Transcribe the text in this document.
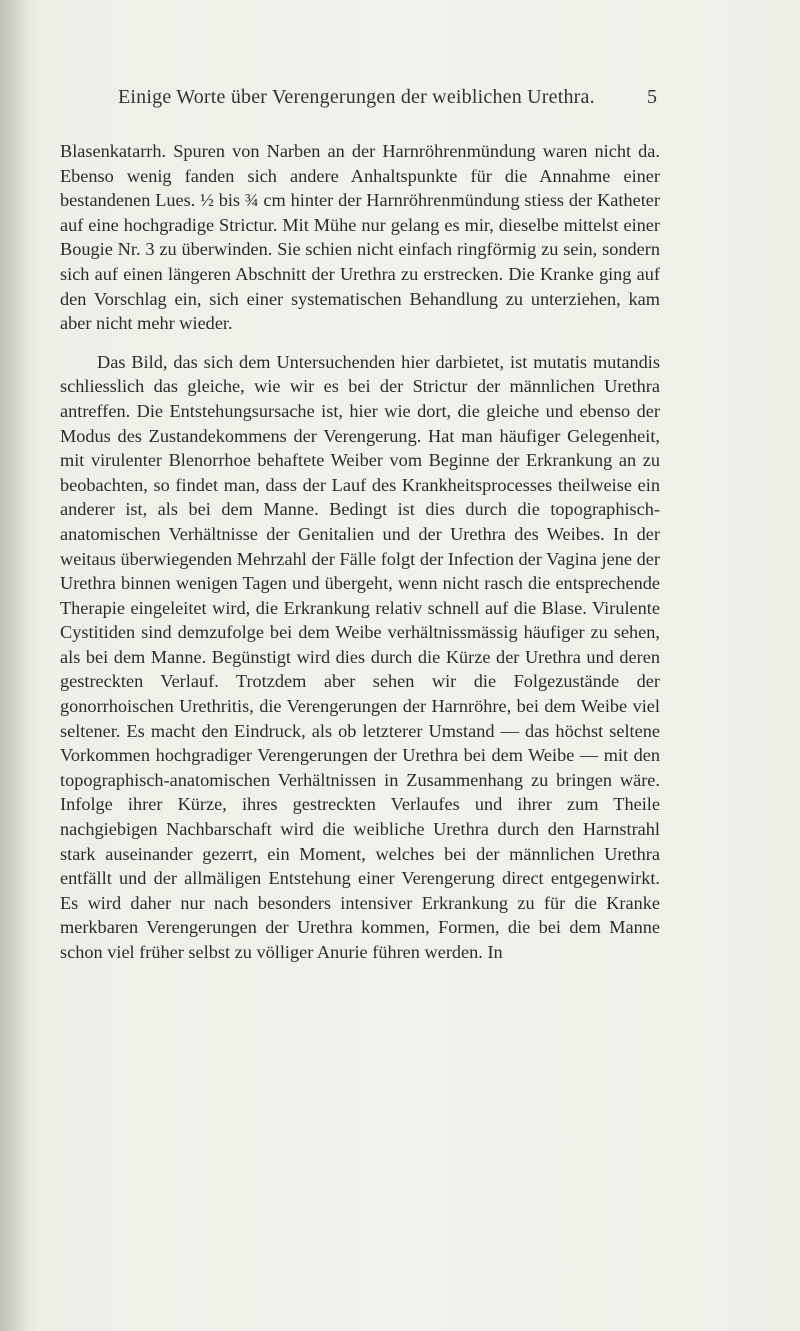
Einige Worte über Verengerungen der weiblichen Urethra.	5

Blasenkatarrh. Spuren von Narben an der Harnröhrenmündung waren nicht da. Ebenso wenig fanden sich andere Anhaltspunkte für die Annahme einer bestandenen Lues. ½ bis ¾ cm hinter der Harnröhrenmündung stiess der Katheter auf eine hochgradige Strictur. Mit Mühe nur gelang es mir, dieselbe mittelst einer Bougie Nr. 3 zu überwinden. Sie schien nicht einfach ringförmig zu sein, sondern sich auf einen längeren Abschnitt der Urethra zu erstrecken. Die Kranke ging auf den Vorschlag ein, sich einer systematischen Behandlung zu unterziehen, kam aber nicht mehr wieder.

Das Bild, das sich dem Untersuchenden hier darbietet, ist mutatis mutandis schliesslich das gleiche, wie wir es bei der Strictur der männlichen Urethra antreffen. Die Entstehungsursache ist, hier wie dort, die gleiche und ebenso der Modus des Zustandekommens der Verengerung. Hat man häufiger Gelegenheit, mit virulenter Blenorrhoe behaftete Weiber vom Beginne der Erkrankung an zu beobachten, so findet man, dass der Lauf des Krankheitsprocesses theilweise ein anderer ist, als bei dem Manne. Bedingt ist dies durch die topographisch-anatomischen Verhältnisse der Genitalien und der Urethra des Weibes. In der weitaus überwiegenden Mehrzahl der Fälle folgt der Infection der Vagina jene der Urethra binnen wenigen Tagen und übergeht, wenn nicht rasch die entsprechende Therapie eingeleitet wird, die Erkrankung relativ schnell auf die Blase. Virulente Cystitiden sind demzufolge bei dem Weibe verhältnissmässig häufiger zu sehen, als bei dem Manne. Begünstigt wird dies durch die Kürze der Urethra und deren gestreckten Verlauf. Trotzdem aber sehen wir die Folgezustände der gonorrhoischen Urethritis, die Verengerungen der Harnröhre, bei dem Weibe viel seltener. Es macht den Eindruck, als ob letzterer Umstand — das höchst seltene Vorkommen hochgradiger Verengerungen der Urethra bei dem Weibe — mit den topographisch-anatomischen Verhältnissen in Zusammenhang zu bringen wäre. Infolge ihrer Kürze, ihres gestreckten Verlaufes und ihrer zum Theile nachgiebigen Nachbarschaft wird die weibliche Urethra durch den Harnstrahl stark auseinander gezerrt, ein Moment, welches bei der männlichen Urethra entfällt und der allmäligen Entstehung einer Verengerung direct entgegenwirkt. Es wird daher nur nach besonders intensiver Erkrankung zu für die Kranke merkbaren Verengerungen der Urethra kommen, Formen, die bei dem Manne schon viel früher selbst zu völliger Anurie führen werden. In
